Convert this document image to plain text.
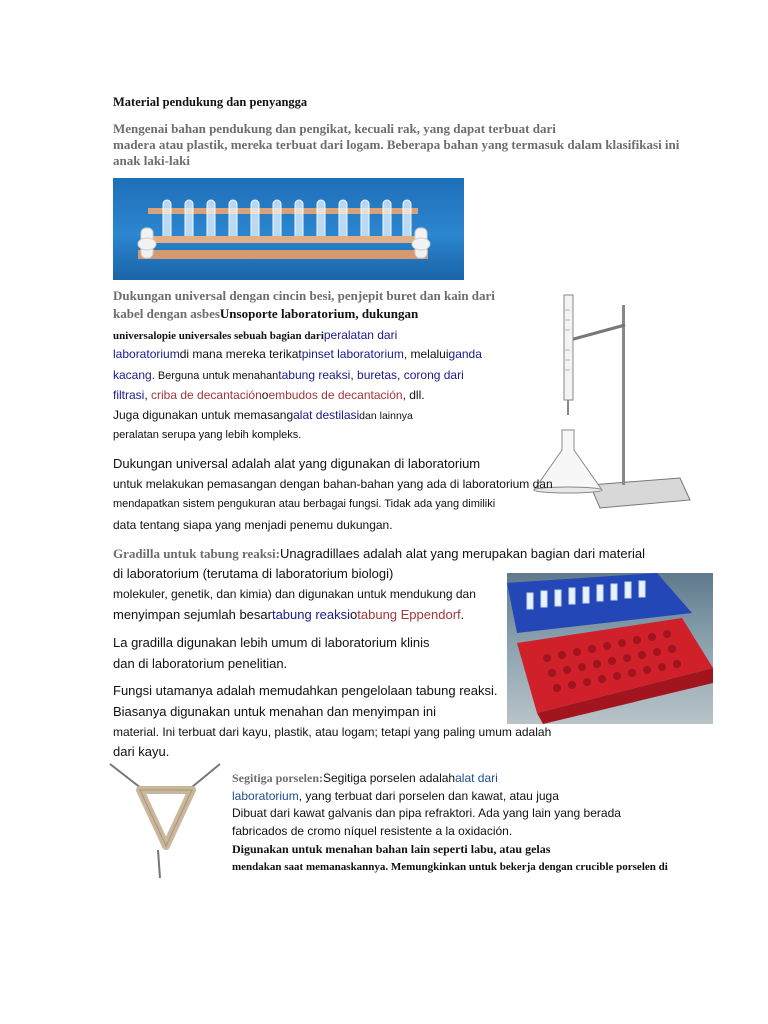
Material pendukung dan penyangga
Mengenai bahan pendukung dan pengikat, kecuali rak, yang dapat terbuat dari
madera atau plastik, mereka terbuat dari logam. Beberapa bahan yang termasuk dalam klasifikasi ini
anak laki-laki
Dukungan universal dengan cincin besi, penjepit buret dan kain dari
kabel dengan asbesUnsoporte laboratorium, dukungan
universalopie universales sebuah bagian dariperalatan dari
laboratoriumdi mana mereka terikatpinset laboratorium, melaluiganda
kacang. Berguna untuk menahantabung reaksi, buretas, corong dari
filtrasi, criba de decantaciónoembudos de decantación, dll.
Juga digunakan untuk memasangalat destilasidan lainnya
peralatan serupa yang lebih kompleks.
Dukungan universal adalah alat yang digunakan di laboratorium
untuk melakukan pemasangan dengan bahan-bahan yang ada di laboratorium dan
mendapatkan sistem pengukuran atau berbagai fungsi. Tidak ada yang dimiliki
data tentang siapa yang menjadi penemu dukungan.
Gradilla untuk tabung reaksi:Unagradillaes adalah alat yang merupakan bagian dari material
di laboratorium (terutama di laboratorium biologi)
molekuler, genetik, dan kimia) dan digunakan untuk mendukung dan
menyimpan sejumlah besartabung reaksiotabung Eppendorf.
La gradilla digunakan lebih umum di laboratorium klinis
dan di laboratorium penelitian.
Fungsi utamanya adalah memudahkan pengelolaan tabung reaksi.
Biasanya digunakan untuk menahan dan menyimpan ini
material. Ini terbuat dari kayu, plastik, atau logam; tetapi yang paling umum adalah
dari kayu.
Segitiga porselen:Segitiga porselen adalahalat dari
laboratorium, yang terbuat dari porselen dan kawat, atau juga
Dibuat dari kawat galvanis dan pipa refraktori. Ada yang lain yang berada
fabricados de cromo níquel resistente a la oxidación.
Digunakan untuk menahan bahan lain seperti labu, atau gelas
mendakan saat memanaskannya. Memungkinkan untuk bekerja dengan crucible porselen di
